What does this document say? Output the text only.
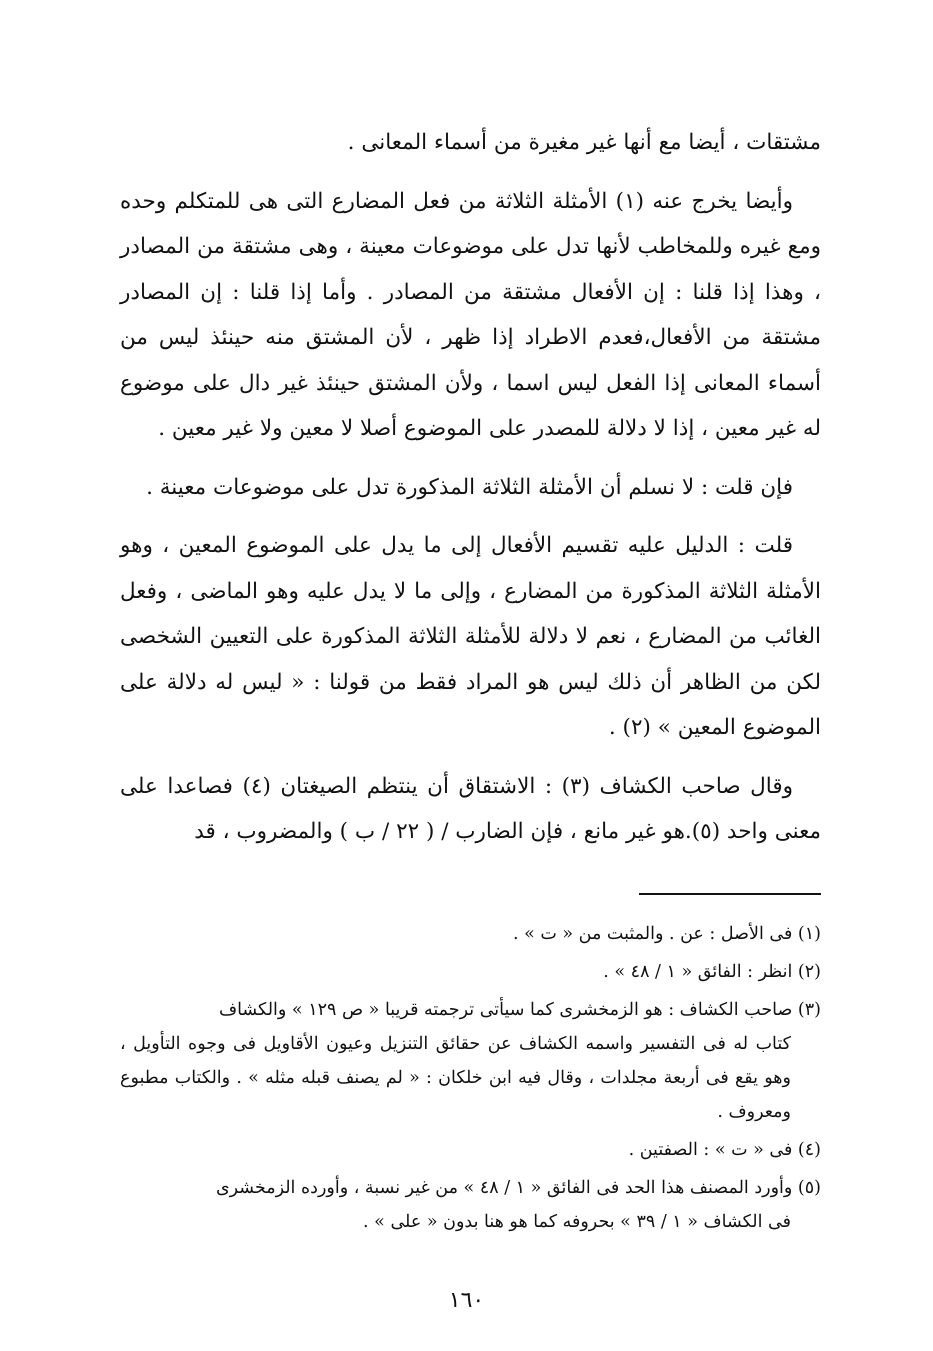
مشتقات ، أيضا مع أنها غير مغيرة من أسماء المعانى .

وأيضا يخرج عنه (١) الأمثلة الثلاثة من فعل المضارع التى هى للمتكلم وحده ومع غيره وللمخاطب لأنها تدل على موضوعات معينة ، وهى مشتقة من المصادر ، وهذا إذا قلنا : إن الأفعال مشتقة من المصادر . وأما إذا قلنا : إن المصادر مشتقة من الأفعال،فعدم الاطراد إذا ظهر ، لأن المشتق منه حينئذ ليس من أسماء المعانى إذا الفعل ليس اسما ، ولأن المشتق حينئذ غير دال على موضوع له غير معين ، إذا لا دلالة للمصدر على الموضوع أصلا لا معين ولا غير معين .

فإن قلت : لا نسلم أن الأمثلة الثلاثة المذكورة تدل على موضوعات معينة .

قلت : الدليل عليه تقسيم الأفعال إلى ما يدل على الموضوع المعين ، وهو الأمثلة الثلاثة المذكورة من المضارع ، وإلى ما لا يدل عليه وهو الماضى ، وفعل الغائب من المضارع ، نعم لا دلالة للأمثلة الثلاثة المذكورة على التعيين الشخصى لكن من الظاهر أن ذلك ليس هو المراد فقط من قولنا : « ليس له دلالة على الموضوع المعين » (٢) .

وقال صاحب الكشاف (٣) : الاشتقاق أن ينتظم الصيغتان (٤) فصاعدا على معنى واحد (٥).هو غير مانع ، فإن الضارب / ( ٢٢ / ب ) والمضروب ، قد

(١) فى الأصل : عن . والمثبت من « ت » .

(٢) انظر : الفائق « ١ / ٤٨ » .

(٣) صاحب الكشاف : هو الزمخشرى كما سيأتى ترجمته قريبا « ص ١٢٩ » والكشاف

كتاب له فى التفسير واسمه الكشاف عن حقائق التنزيل وعيون الأقاويل فى وجوه التأويل ، وهو يقع فى أربعة مجلدات ، وقال فيه ابن خلكان : « لم يصنف قبله مثله » . والكتاب مطبوع ومعروف .

(٤) فى « ت » : الصفتين .

(٥) وأورد المصنف هذا الحد فى الفائق « ١ / ٤٨ » من غير نسبة ، وأورده الزمخشرى

فى الكشاف « ١ / ٣٩ » بحروفه كما هو هنا بدون « على » .

١٦٠
